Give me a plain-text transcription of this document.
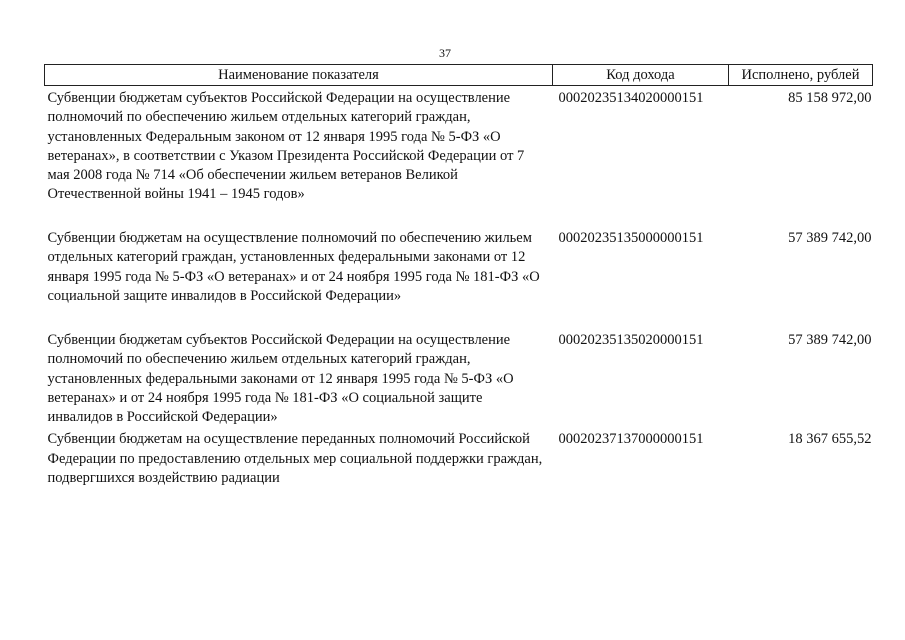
37
Наименование показателя	Код дохода	Исполнено, рублей
Субвенции бюджетам субъектов Российской Федерации на осуществление полномочий по обеспечению жильем отдельных категорий граждан, установленных Федеральным законом от 12 января 1995 года № 5-ФЗ «О ветеранах», в соответствии с Указом Президента Российской Федерации от 7 мая 2008 года № 714 «Об обеспечении жильем ветеранов Великой Отечественной войны 1941 – 1945 годов»	00020235134020000151	85 158 972,00
Субвенции бюджетам на осуществление полномочий по обеспечению жильем отдельных категорий граждан, установленных федеральными законами от 12 января 1995 года № 5-ФЗ «О ветеранах» и от 24 ноября 1995 года № 181-ФЗ «О социальной защите инвалидов в Российской Федерации»	00020235135000000151	57 389 742,00
Субвенции бюджетам субъектов Российской Федерации на осуществление полномочий по обеспечению жильем отдельных категорий граждан, установленных федеральными законами от 12 января 1995 года № 5-ФЗ «О ветеранах» и от 24 ноября 1995 года № 181-ФЗ «О социальной защите инвалидов в Российской Федерации»	00020235135020000151	57 389 742,00
Субвенции бюджетам на осуществление переданных полномочий Российской Федерации по предоставлению отдельных мер социальной поддержки граждан, подвергшихся воздействию радиации	00020237137000000151	18 367 655,52
